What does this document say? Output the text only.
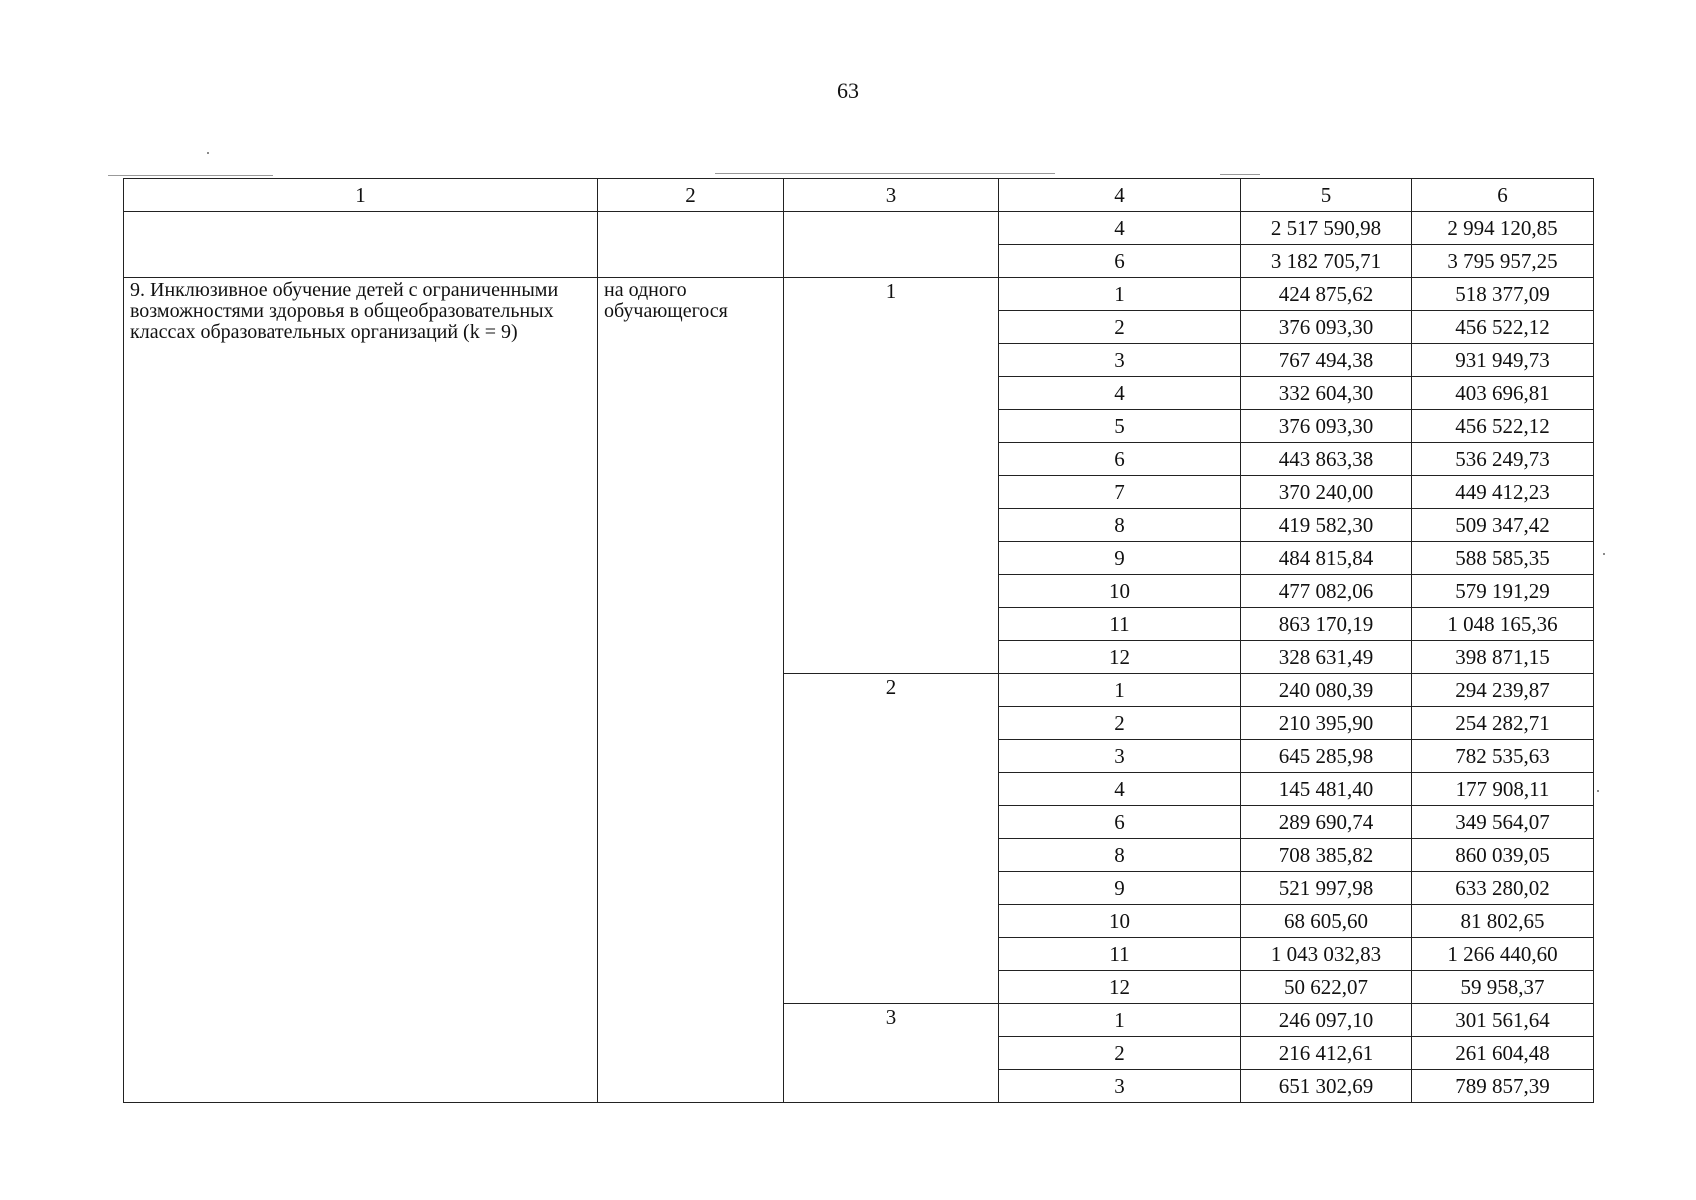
63
1	2	3	4	5	6
			4	2 517 590,98	2 994 120,85
			6	3 182 705,71	3 795 957,25
9. Инклюзивное обучение детей с ограниченными возможностями здоровья в общеобразовательных классах образовательных организаций (k = 9)	на одного обучающегося	1	1	424 875,62	518 377,09
			2	376 093,30	456 522,12
			3	767 494,38	931 949,73
			4	332 604,30	403 696,81
			5	376 093,30	456 522,12
			6	443 863,38	536 249,73
			7	370 240,00	449 412,23
			8	419 582,30	509 347,42
			9	484 815,84	588 585,35
			10	477 082,06	579 191,29
			11	863 170,19	1 048 165,36
			12	328 631,49	398 871,15
		2	1	240 080,39	294 239,87
			2	210 395,90	254 282,71
			3	645 285,98	782 535,63
			4	145 481,40	177 908,11
			6	289 690,74	349 564,07
			8	708 385,82	860 039,05
			9	521 997,98	633 280,02
			10	68 605,60	81 802,65
			11	1 043 032,83	1 266 440,60
			12	50 622,07	59 958,37
		3	1	246 097,10	301 561,64
			2	216 412,61	261 604,48
			3	651 302,69	789 857,39
